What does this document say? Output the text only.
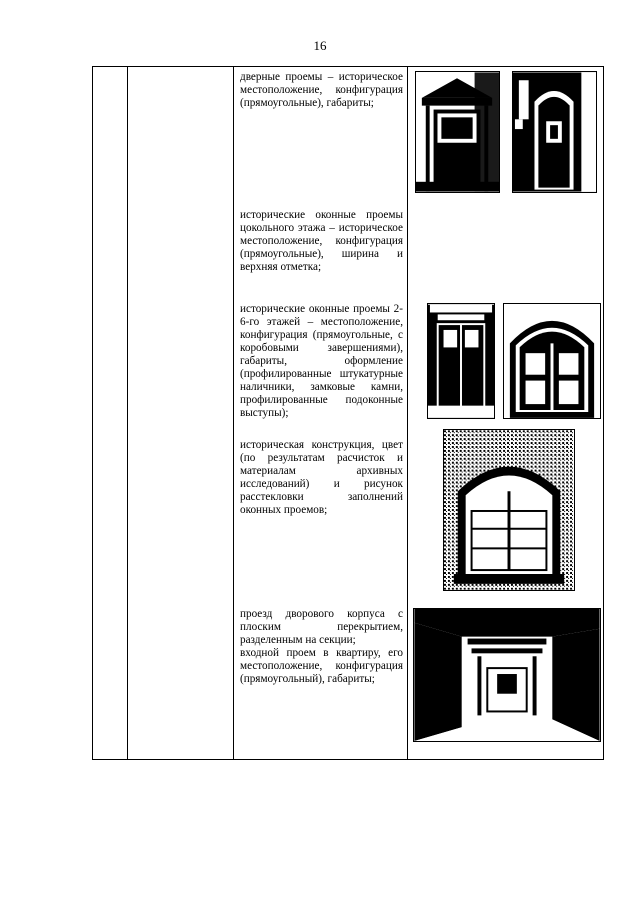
16

дверные проемы – историческое местоположение, конфигурация (прямоугольные), габариты;

исторические оконные проемы цокольного этажа – историческое местоположение, конфигурация (прямоугольные), ширина и верхняя отметка;

исторические оконные проемы 2-6-го этажей – местоположение, конфигурация (прямоугольные, с коробовыми завершениями), габариты, оформление (профилированные штукатурные наличники, замковые камни, профилированные подоконные выступы);

историческая конструкция, цвет (по результатам расчисток и материалам архивных исследований) и рисунок расстекловки заполнений оконных проемов;

проезд дворового корпуса с плоским перекрытием, разделенным на секции;

входной проем в квартиру, его местоположение, конфигурация (прямоугольный), габариты;
